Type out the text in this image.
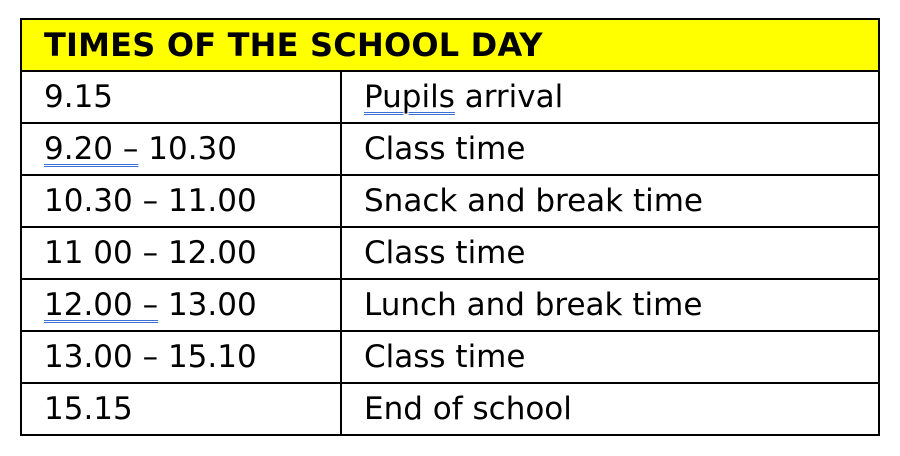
TIMES OF THE SCHOOL DAY	
9.15	Pupils arrival
9.20 – 10.30	Class time
10.30 – 11.00	Snack and break time
11 00 – 12.00	Class time
12.00 – 13.00	Lunch and break time
13.00 – 15.10	Class time
15.15	End of school
